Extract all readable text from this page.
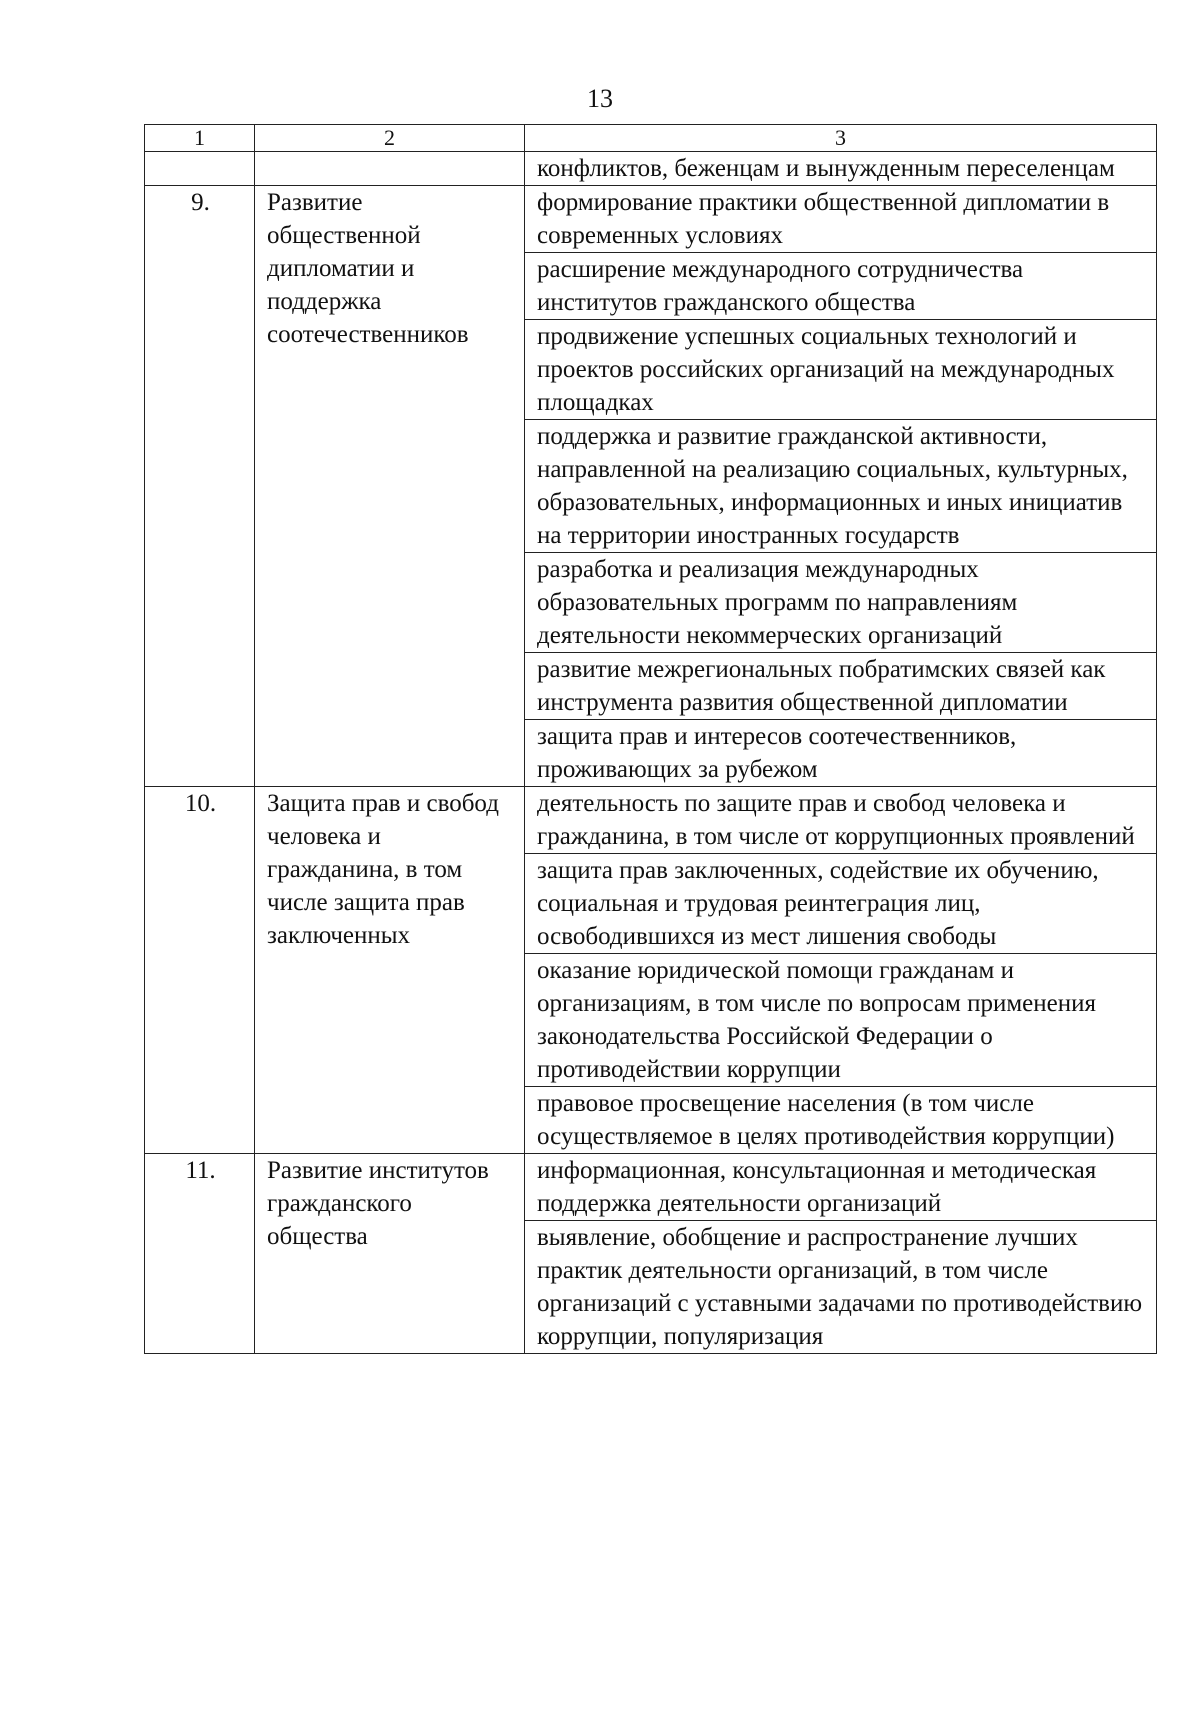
13
1	2	3
		конфликтов, беженцам и вынужденным переселенцам
9.	Развитие общественной дипломатии и поддержка соотечественников	формирование практики общественной дипломатии в современных условиях
		расширение международного сотрудничества институтов гражданского общества
		продвижение успешных социальных технологий и проектов российских организаций на международных площадках
		поддержка и развитие гражданской активности, направленной на реализацию социальных, культурных, образовательных, информационных и иных инициатив на территории иностранных государств
		разработка и реализация международных образовательных программ по направлениям деятельности некоммерческих организаций
		развитие межрегиональных побратимских связей как инструмента развития общественной дипломатии
		защита прав и интересов соотечественников, проживающих за рубежом
10.	Защита прав и свобод человека и гражданина, в том числе защита прав заключенных	деятельность по защите прав и свобод человека и гражданина, в том числе от коррупционных проявлений
		защита прав заключенных, содействие их обучению, социальная и трудовая реинтеграция лиц, освободившихся из мест лишения свободы
		оказание юридической помощи гражданам и организациям, в том числе по вопросам применения законодательства Российской Федерации о противодействии коррупции
		правовое просвещение населения (в том числе осуществляемое в целях противодействия коррупции)
11.	Развитие институтов гражданского общества	информационная, консультационная и методическая поддержка деятельности организаций
		выявление, обобщение и распространение лучших практик деятельности организаций, в том числе организаций с уставными задачами по противодействию коррупции, популяризация
